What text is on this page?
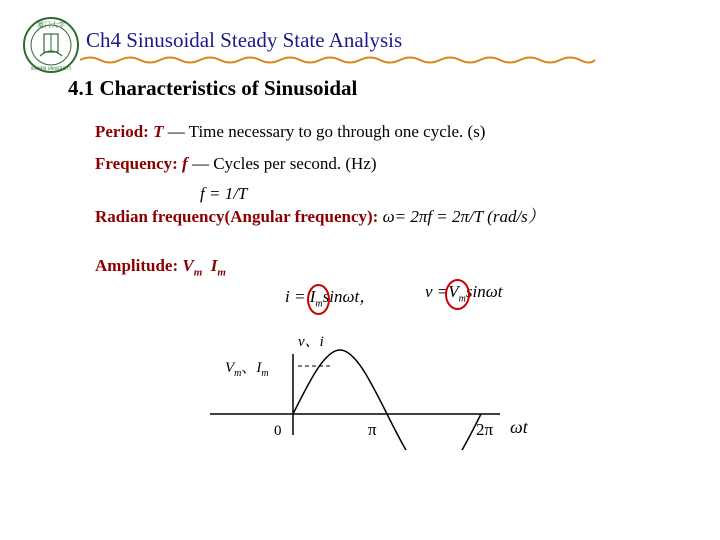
厦门大学
XIAMEN UNIVERSITY
Ch4 Sinusoidal Steady State Analysis
4.1 Characteristics of Sinusoidal
Period: T — Time necessary to go through one cycle. (s)
Frequency: f — Cycles per second. (Hz)
f = 1/T
Radian frequency(Angular frequency): ω= 2πf = 2π/T (rad/s）
Amplitude: $V_m$ $I_m$
i =
$I_m\sin\omega t$，	v =
$V_m\sin\omega t$
v、i
0	π	2π ωt
$V_m$、$I_m$
